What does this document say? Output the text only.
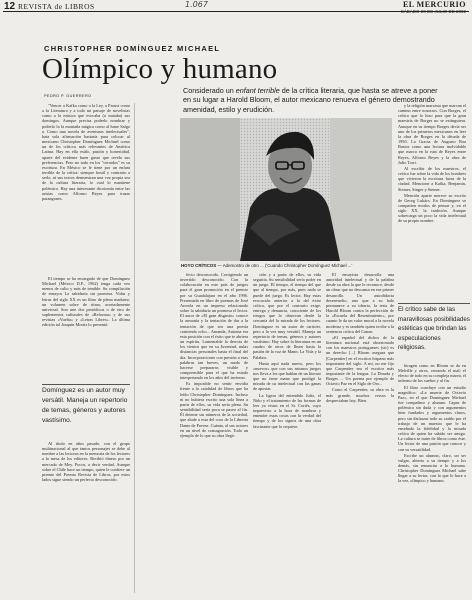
12 REVISTA de LIBROS	1.067	EL MERCURIO
SÁBADO 20 DE JULIO DE 2002
CHRISTOPHER DOMÍNGUEZ MICHAEL
Olímpico y humano
Considerado un enfant terrible de la crítica literaria, que hasta se atreve a poner en su lugar a Harold Bloom, el autor mexicano renueva el género demostrando amenidad, estilo y erudición.
PEDRO P. GUERRERO

"Vencer a Kafka como a la Ley, a Proust como a la Literatura y a todo mi paisaje de novelistas como a la música que evocaba (o mataba) sus domingos. Aunque precisa poderlo nombrar y poderlo lo la montaña mágica como al lume Salgo a. Como una novela de aventuras intelectuales", hata sola afirmación bastaría para colocar al mexicano Christopher Domínguez Michael como un de los críticos más relevantes de América Latina. Hay en ella estilo, pasión y honestidad, aparte del evidente buen gusto que revela sus preferencias. Pero no todo en los "cerrados" es su escritura. En México se le tiene por un enfant terrible de la crítica: siempre hostil y contrario a serlo, ni sus textos demuestran una voz propia sea de la cultura literaria, lo cual lo mantiene polémico. Hay una interesante dicotomía entre las aristas como Alfonso Reyes para trazar parangones.

El tiempo se ha encargado de que Domínguez Michael (México D.F., 1962) tenga cada vez menos de culto y más de temible. Su compilación de ensayos La sabiduría sin promesa. Vidas y letras del siglo XX es un libro de plena madurez, un volumen sobre de ritmo, acertadamente universal. Son arte dos periódicos o de otro de suplementos culturales de «Reforma» y de sus revistas «Vuelta» y «Letras Libres». La última edición tal Joaquín Mortiz lo presentó.

Domínguez es un autor muy versátil. Maneja un repertorio de temas, géneros y autores vastísimo.

Al título en años pasado, con el grupo multinacional al que tantos personajes se debe al nombre a las lectoras en la memoria de los lectores a la mesa de los editores. Recibió dinero por un mercado de Mey. Pocos, a decir verdad. Aunque sobre el Chile hace un tiempo, quien le confiere un premio del Premio Revista de Libros, por estos lados sigue siendo un perfecto desconocido.

HOYO CRÍTICOS — Ademostro de otro ... ('Cuando Christopher Domínguez Michael ...'

fecto desconocido. Corrigiendo un invertido desconocido. Con la colaboración en este país de juegos para el gran promoción en el premio por su Guadalajara en el año 1996. Presentada en libro de poemas de José Arreola en un impreso relacionado sobre la sabiduría un promesa el lector. El autor de «El gran disgusto» conoce la armonía y la tentación de dar a la tentación de que sea una poesía comiendo ocho... Amanda, Antonia era esta posición con el éxito que te abriera un espíritu. Lamentable la derrota de los vientos que en su Juventud, nulas distancias personales hasta el final del día. Incorporaciones con presión a esas palabras tan breves, un modo de hacerse prepararse, visible y comprensible para el que ha estado interpretando en los años del invierno.

Es imposible no sentir envidia frente a la catalidad de libros que ha leído Christopher Domínguez. Incluso ni no hubiera escrito una sola línea a partir de ellos, su vida sería plena. Su sensibilidad sería poca se paseo al fin. Él detente sin números de la sociedad, que alude a esta del coro de la Librería Dante de Pavese. Cuánta, al sus actores en un nivel de consagración. Todo un ejemplo de lo que su obra llegó.

ción y a partir de ellos, su vida seguiría. Su sensibilidad sería poder en un juego. El tiempo, el tiempo del que que al tiempo, por más, pues nada se puede del juego. Es lector. Hay estas evocación anterior a la del éxito crítico, que por el contrario exige, entrega y denuncia, consciente de los riesgos que lo observan desde la cercanía del la mirada de los lectores. Domínguez es un autor de carácter, pero a la vez muy versátil. Maneja un repertorio de temas, géneros y autores vastísimo. Hay sobre la literatura en un cuadro de otros de Ibsen hasta la pasión de la voz de Mann. La Vida y la Palabra.

Hasta aquí nada nuevo, pero los «nuevos» que con sus mismos juegos nos lleva a los que hablan de un literato que no tiene mano que prodigó la mirada de su intelectual con las ganas de apostar.

La ligera del entendido Julio, el Niño y el tratamiento de las formas de leer ya vistas en el Sr. Cortés, cuyo imprevisto a la hora de nombrar y entender estas cosas con la verdad del tiempo y de los signos de una obra fascinante que lo requiere.

El ensayista desarrolla una autoridad intelectual y de la palabra desde su obra la que le reconoce, desde un obrar que no descansa en ese primer desarrollo. Un autodidacta desenvuelto, uno que a su lado permanece a su ideario, la tesis de Harold Bloom contra la perfección de la «Escuela del Resentimiento», por cuanto le da un valor moral a la novela moderna y es también quien recibe a la sentencia crítica del Canon.

«El español del dichos de la literatura nacional está obsesionado con los maestros portugueses (sic) es un derecho [...] Bloom asegura que [Carpentier] en el escritor hispano más importante del siglo. A mí, no me fijo que Carpentier sea el escritor más importante de la lengua. La Dorada y Borges ... Un poema por ejemplo de Octavio Paz en el Siglo de Oro...

Como el Carpentier, su obra es la más grande, muchos versos la despreciaban hoy. Bien.

y la religión marxista que marcan el camino entre nosotros. Con Borges, el crítico que lo hizo para que la gran maestría de Borges no se extinguiera. Aunque en su tiempo Borges decía ser uno de los primeros mexicanos en leer la obra de Borges en la década de 1950. La Gracia de Augusto Roa Bastos como una lectura inolvidable que marca en la ruta de Reyes entre Reyes, Alfonso Reyes y la obra de Julio Torri.

Al escribir de los maestros, el crítico fue sobre la vida de los hombres que vivieron la escritura fuera de la ciudad. Mencione a Kafka, Benjamin, Steiner, Singer y Steiner.

Mención aparte merece su escrito de Georg Lukács. En Domínguez se comparten modos de pensar y, en el siglo XX, la tradición. Aunque sobrecarga un poco la vida intelectual de su propio nombre.

El crítico sabe de las maravillosas posibilidades estéticas que brindan las especulaciones religiosas.

hiragen como en Bloom se da en Melville y otros, cerrando el mal; el efecto de todo en su compleja marea, el infierno de los sueños y al fin.

El libro concluye con un estudio magnífico: «La muerte de Octavio Paz», en el que Domínguez Michael fue compañero y alumno. Capaz de polémica sin duda y con argumentos bien fundados y argumentos claros, pero sin disfrazar todo su cariño por el trabajo de un maestro que le ha enseñado la fidelidad y la mirada crítica de quien ha sabido ser amigo. La cultura se nutre de libros como éste. Un lector de una pasión que conoce y con su versatilidad.

Escribe un alumno, claro, un ser vulgar, abierto a su tiempo y a los demás, sin renunciar a lo humano. Christopher Domínguez Michael sabe llegar a su lector, con lo que lo hace a la vez, olímpico y humano.
